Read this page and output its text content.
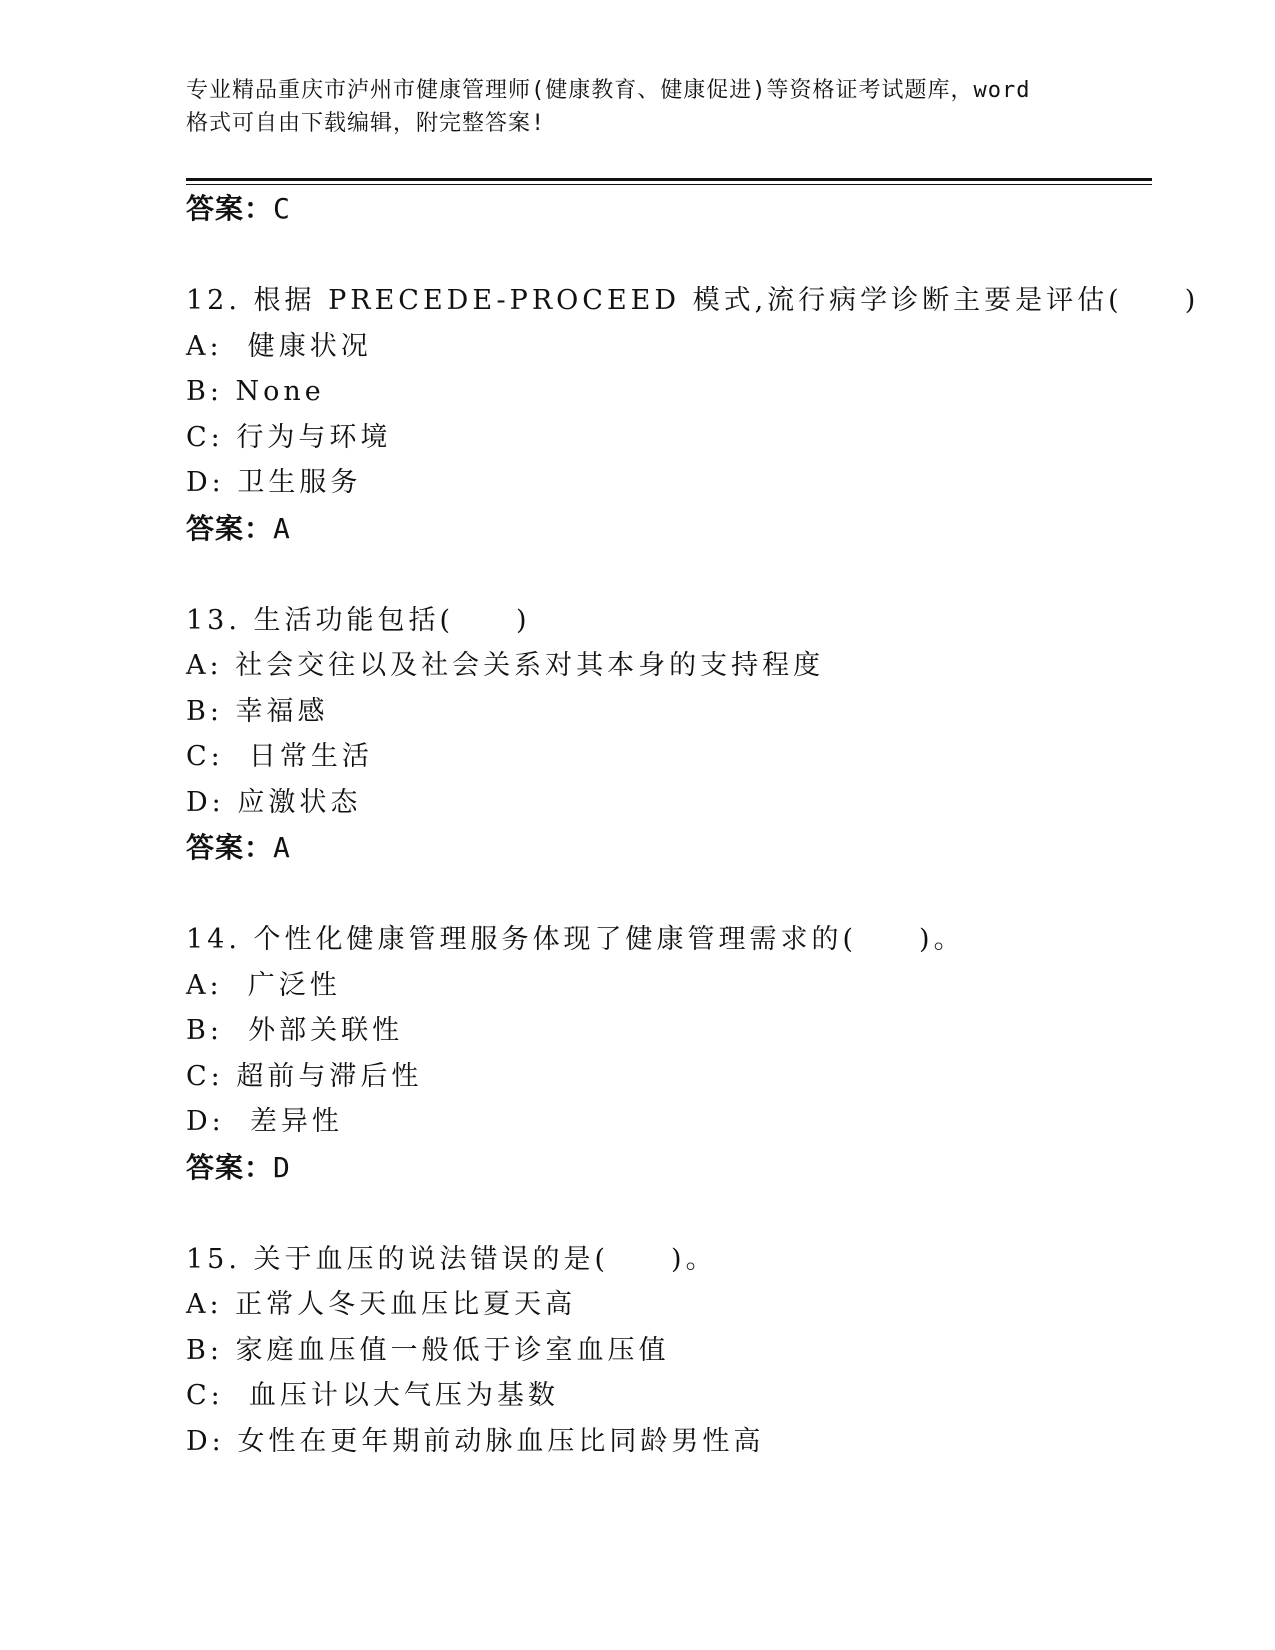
专业精品重庆市泸州市健康管理师(健康教育、健康促进)等资格证考试题库，word
格式可自由下载编辑，附完整答案!
答案：C
12. 根据 PRECEDE-PROCEED 模式,流行病学诊断主要是评估(　　)
A:  健康状况
B: None
C: 行为与环境
D: 卫生服务
答案：A
13. 生活功能包括(　　)
A: 社会交往以及社会关系对其本身的支持程度
B: 幸福感
C:  日常生活
D: 应激状态
答案：A
14. 个性化健康管理服务体现了健康管理需求的(　　)。
A:  广泛性
B:  外部关联性
C: 超前与滞后性
D:  差异性
答案：D
15. 关于血压的说法错误的是(　　)。
A: 正常人冬天血压比夏天高
B: 家庭血压值一般低于诊室血压值
C:  血压计以大气压为基数
D: 女性在更年期前动脉血压比同龄男性高
